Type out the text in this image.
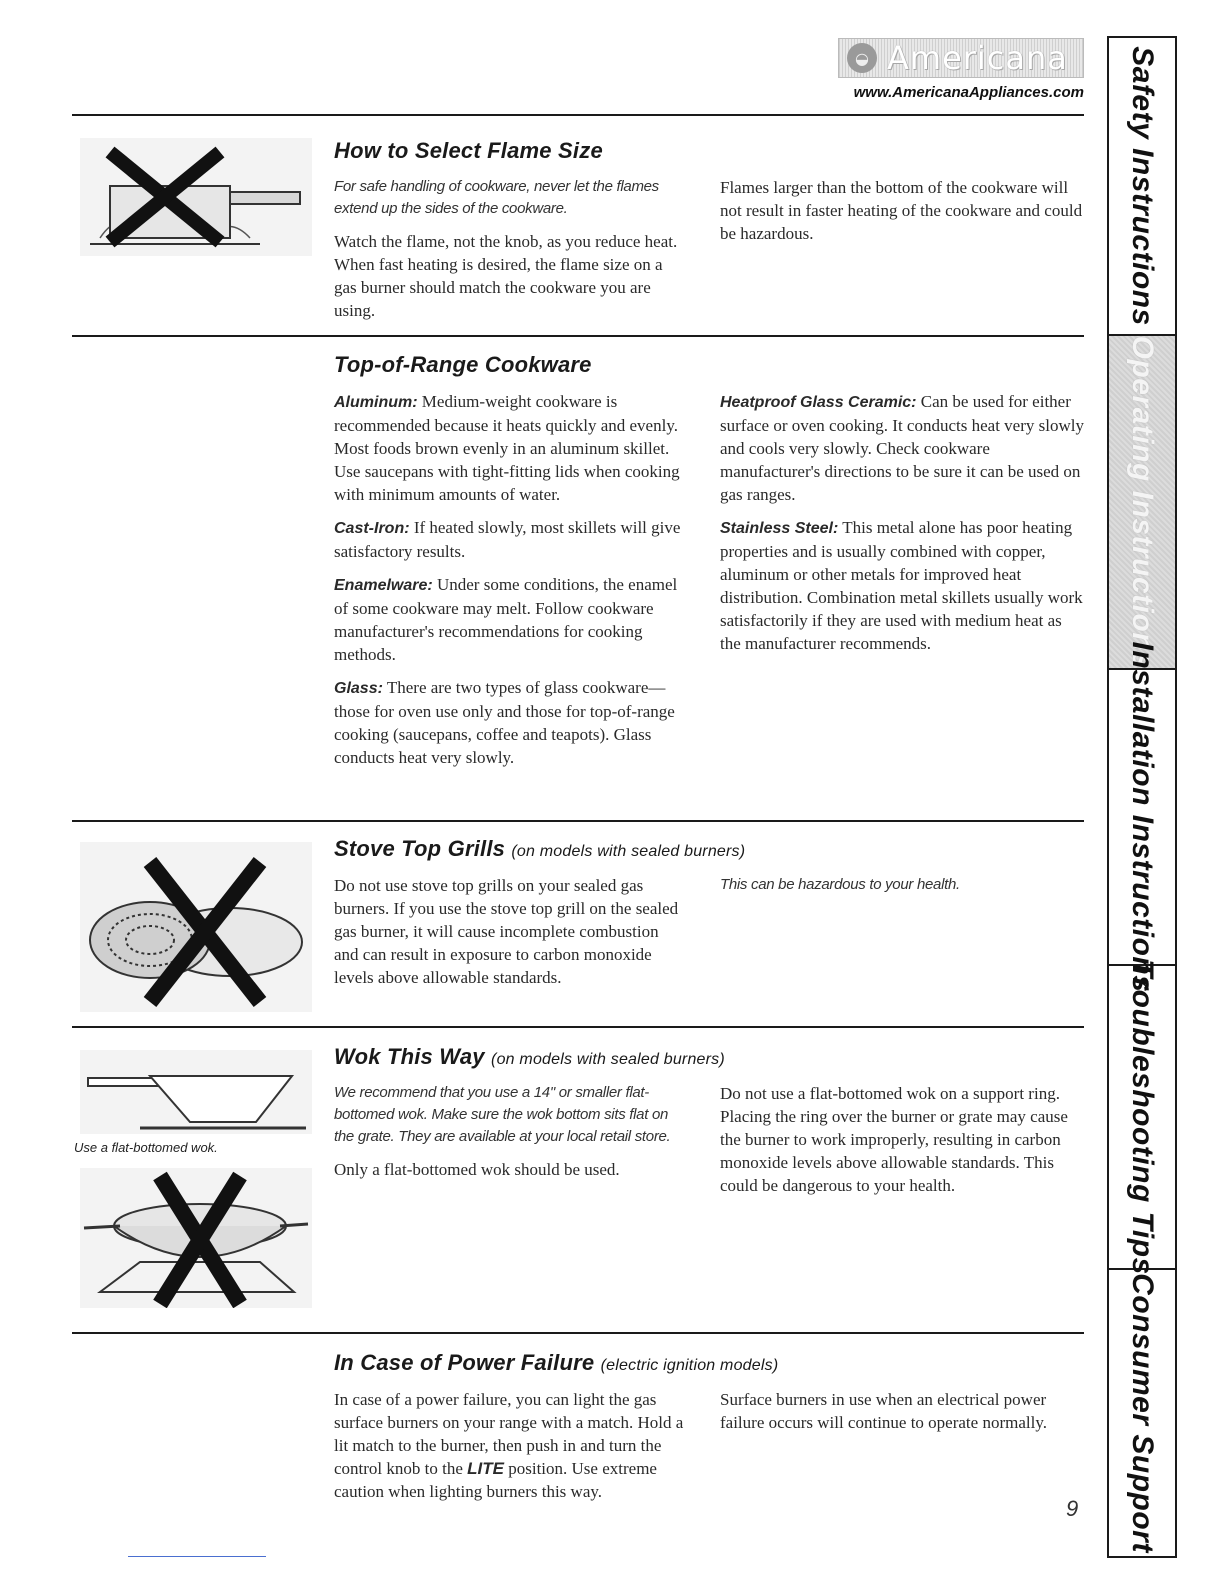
◒ Americana
www.AmericanaAppliances.com
Use a flat-bottomed wok.
How to Select Flame Size

For safe handling of cookware, never let the flames extend up the sides of the cookware.

Watch the flame, not the knob, as you reduce heat. When fast heating is desired, the flame size on a gas burner should match the cookware you are using.

Flames larger than the bottom of the cookware will not result in faster heating of the cookware and could be hazardous.

Top-of-Range Cookware

Aluminum: Medium-weight cookware is recommended because it heats quickly and evenly. Most foods brown evenly in an aluminum skillet. Use saucepans with tight-fitting lids when cooking with minimum amounts of water.

Cast-Iron: If heated slowly, most skillets will give satisfactory results.

Enamelware: Under some conditions, the enamel of some cookware may melt. Follow cookware manufacturer's recommendations for cooking methods.

Glass: There are two types of glass cookware—those for oven use only and those for top-of-range cooking (saucepans, coffee and teapots). Glass conducts heat very slowly.

Heatproof Glass Ceramic: Can be used for either surface or oven cooking. It conducts heat very slowly and cools very slowly. Check cookware manufacturer's directions to be sure it can be used on gas ranges.

Stainless Steel: This metal alone has poor heating properties and is usually combined with copper, aluminum or other metals for improved heat distribution. Combination metal skillets usually work satisfactorily if they are used with medium heat as the manufacturer recommends.

Stove Top Grills (on models with sealed burners)

Do not use stove top grills on your sealed gas burners. If you use the stove top grill on the sealed gas burner, it will cause incomplete combustion and can result in exposure to carbon monoxide levels above allowable standards.

This can be hazardous to your health.

Wok This Way (on models with sealed burners)

We recommend that you use a 14" or smaller flat-bottomed wok. Make sure the wok bottom sits flat on the grate. They are available at your local retail store.

Only a flat-bottomed wok should be used.

Do not use a flat-bottomed wok on a support ring. Placing the ring over the burner or grate may cause the burner to work improperly, resulting in carbon monoxide levels above allowable standards. This could be dangerous to your health.

In Case of Power Failure (electric ignition models)

In case of a power failure, you can light the gas surface burners on your range with a match. Hold a lit match to the burner, then push in and turn the control knob to the LITE position. Use extreme caution when lighting burners this way.

Surface burners in use when an electrical power failure occurs will continue to operate normally.

Safety Instructions
Operating Instructions
Installation Instructions
Troubleshooting Tips
Consumer Support
9
